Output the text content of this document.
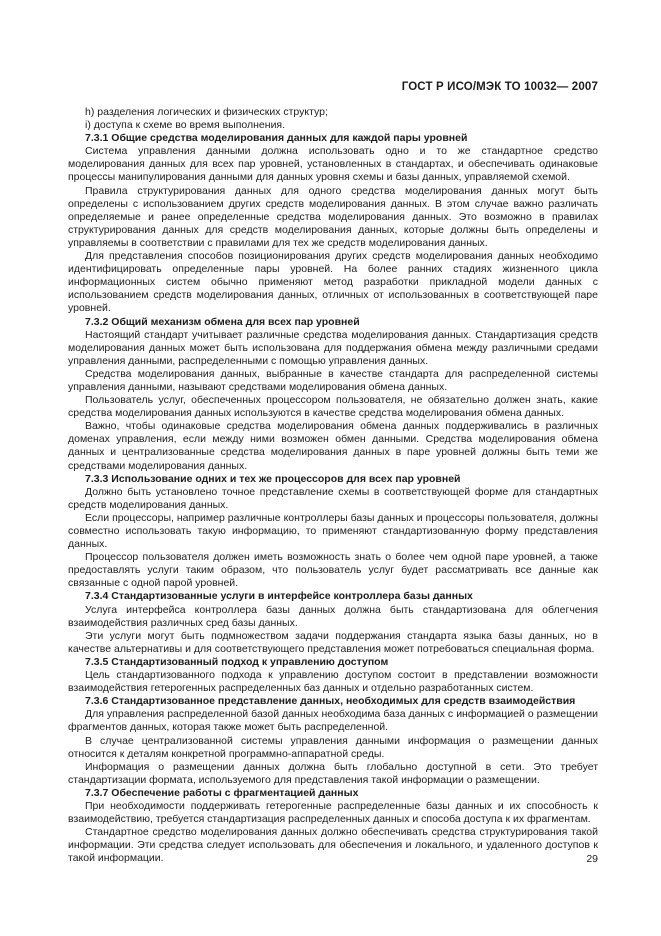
ГОСТ Р ИСО/МЭК ТО 10032— 2007

h) разделения логических и физических структур;

i) доступа к схеме во время выполнения.

7.3.1 Общие средства моделирования данных для каждой пары уровней

Система управления данными должна использовать одно и то же стандартное средство моделирования данных для всех пар уровней, установленных в стандартах, и обеспечивать одинаковые процессы манипулирования данными для данных уровня схемы и базы данных, управляемой схемой.

Правила структурирования данных для одного средства моделирования данных могут быть определены с использованием других средств моделирования данных. В этом случае важно различать определяемые и ранее определенные средства моделирования данных. Это возможно в правилах структурирования данных для средств моделирования данных, которые должны быть определены и управляемы в соответствии с правилами для тех же средств моделирования данных.

Для представления способов позиционирования других средств моделирования данных необходимо идентифицировать определенные пары уровней. На более ранних стадиях жизненного цикла информационных систем обычно применяют метод разработки прикладной модели данных с использованием средств моделирования данных, отличных от использованных в соответствующей паре уровней.

7.3.2 Общий механизм обмена для всех пар уровней

Настоящий стандарт учитывает различные средства моделирования данных. Стандартизация средств моделирования данных может быть использована для поддержания обмена между различными средами управления данными, распределенными с помощью управления данных.

Средства моделирования данных, выбранные в качестве стандарта для распределенной системы управления данными, называют средствами моделирования обмена данных.

Пользователь услуг, обеспеченных процессором пользователя, не обязательно должен знать, какие средства моделирования данных используются в качестве средства моделирования обмена данных.

Важно, чтобы одинаковые средства моделирования обмена данных поддерживались в различных доменах управления, если между ними возможен обмен данными. Средства моделирования обмена данных и централизованные средства моделирования данных в паре уровней должны быть теми же средствами моделирования данных.

7.3.3 Использование одних и тех же процессоров для всех пар уровней

Должно быть установлено точное представление схемы в соответствующей форме для стандартных средств моделирования данных.

Если процессоры, например различные контроллеры базы данных и процессоры пользователя, должны совместно использовать такую информацию, то применяют стандартизованную форму представления данных.

Процессор пользователя должен иметь возможность знать о более чем одной паре уровней, а также предоставлять услуги таким образом, что пользователь услуг будет рассматривать все данные как связанные с одной парой уровней.

7.3.4 Стандартизованные услуги в интерфейсе контроллера базы данных

Услуга интерфейса контроллера базы данных должна быть стандартизована для облегчения взаимодействия различных сред базы данных.

Эти услуги могут быть подмножеством задачи поддержания стандарта языка базы данных, но в качестве альтернативы и для соответствующего представления может потребоваться специальная форма.

7.3.5 Стандартизованный подход к управлению доступом

Цель стандартизованного подхода к управлению доступом состоит в представлении возможности взаимодействия гетерогенных распределенных баз данных и отдельно разработанных систем.

7.3.6 Стандартизованное представление данных, необходимых для средств взаимодействия

Для управления распределенной базой данных необходима база данных с информацией о размещении фрагментов данных, которая также может быть распределенной.

В случае централизованной системы управления данными информация о размещении данных относится к деталям конкретной программно-аппаратной среды.

Информация о размещении данных должна быть глобально доступной в сети. Это требует стандартизации формата, используемого для представления такой информации о размещении.

7.3.7 Обеспечение работы с фрагментацией данных

При необходимости поддерживать гетерогенные распределенные базы данных и их способность к взаимодействию, требуется стандартизация распределенных данных и способа доступа к их фрагментам.

Стандартное средство моделирования данных должно обеспечивать средства структурирования такой информации. Эти средства следует использовать для обеспечения и локального, и удаленного доступов к такой информации.	29
